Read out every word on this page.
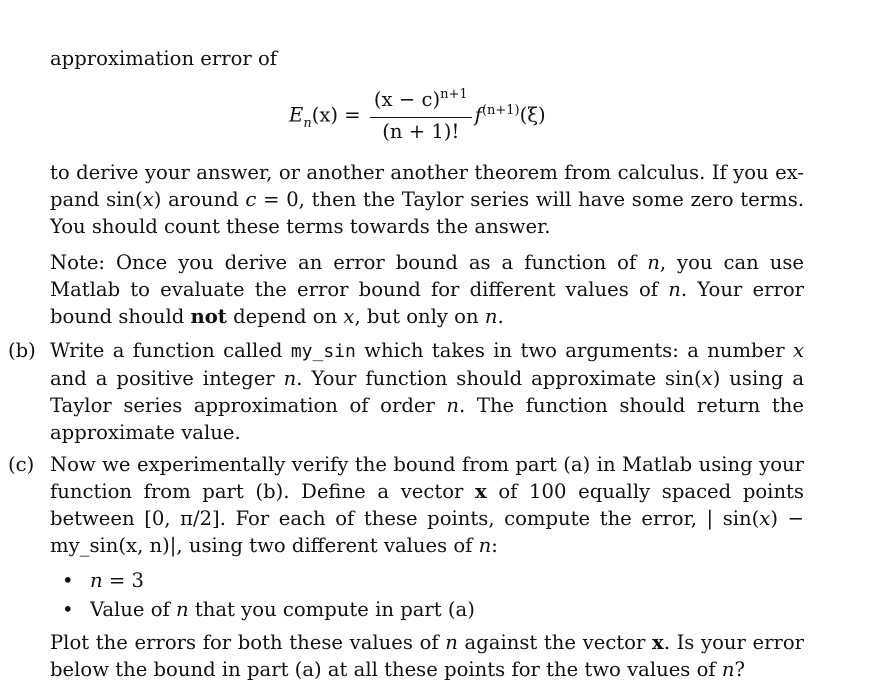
approximation error of
$E_n(x) = \frac{(x - c)^{n+1}}{(n + 1)!} f^{(n+1)}(\xi)$
to derive your answer, or another another theorem from calculus. If you ex-pand sin(x) around c = 0, then the Taylor series will have some zero terms. You should count these terms towards the answer.
Note: Once you derive an error bound as a function of n, you can use Matlab to evaluate the error bound for different values of n. Your error bound should not depend on x, but only on n.
(b) Write a function called my_sin which takes in two arguments: a number x and a positive integer n. Your function should approximate sin(x) using a Taylor series approximation of order n. The function should return the approximate value.
(c) Now we experimentally verify the bound from part (a) in Matlab using your function from part (b). Define a vector x of 100 equally spaced points between [0, π/2]. For each of these points, compute the error, | sin(x) − my_sin(x, n)|, using two different values of n:
• n = 3
• Value of n that you compute in part (a)
Plot the errors for both these values of n against the vector x. Is your error below the bound in part (a) at all these points for the two values of n?
